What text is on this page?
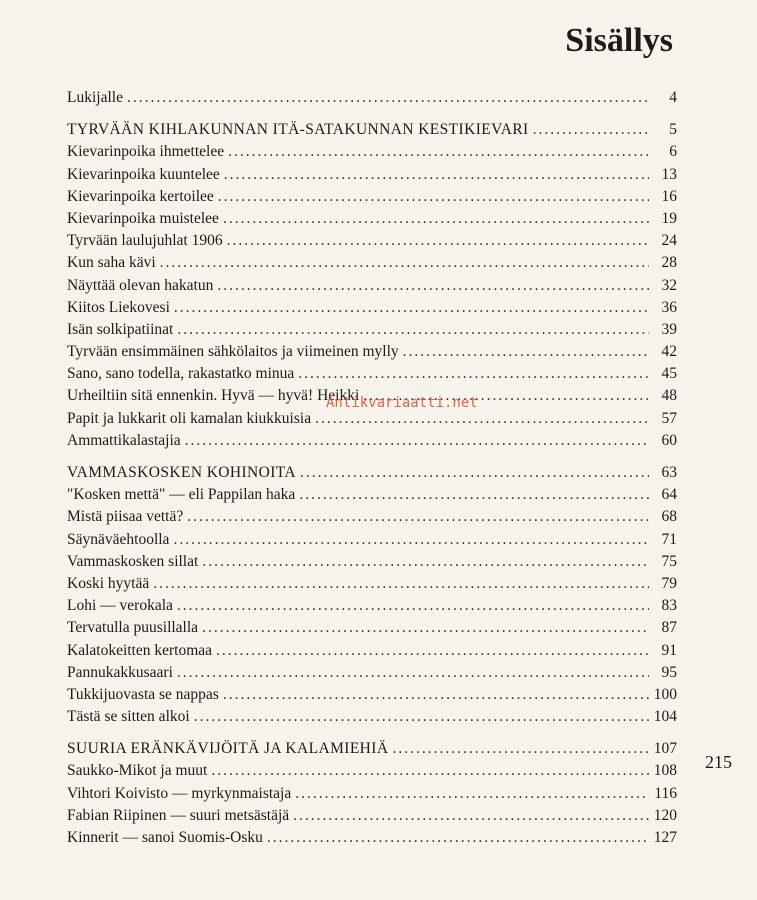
Sisällys
Lukijalle .....	4
TYRVÄÄN KIHLAKUNNAN ITÄ-SATAKUNNAN KESTIKIEVARI .....	5
Kievarinpoika ihmettelee .....	6
Kievarinpoika kuuntelee .....	13
Kievarinpoika kertoilee .....	16
Kievarinpoika muistelee .....	19
Tyrvään laulujuhlat 1906 .....	24
Kun saha kävi .....	28
Näyttää olevan hakatun .....	32
Kiitos Liekovesi .....	36
Isän solkipatiinat .....	39
Tyrvään ensimmäinen sähkölaitos ja viimeinen mylly .....	42
Sano, sano todella, rakastatko minua .....	45
Urheiltiin sitä ennenkin. Hyvä — hyvä! Heikki .....	48
Papit ja lukkarit oli kamalan kiukkuisia .....	57
Ammattikalastajia .....	60
VAMMASKOSKEN KOHINOITA .....	63
"Kosken mettä" — eli Pappilan haka .....	64
Mistä piisaa vettä? .....	68
Säynäväehtoolla .....	71
Vammaskosken sillat .....	75
Koski hyytää .....	79
Lohi — verokala .....	83
Tervatulla puusillalla .....	87
Kalatokeitten kertomaa .....	91
Pannukakkusaari .....	95
Tukkijuovasta se nappas .....	100
Tästä se sitten alkoi .....	104
SUURIA ERÄNKÄVIJÖITÄ JA KALAMIEHIÄ .....	107
Saukko-Mikot ja muut .....	108
Vihtori Koivisto — myrkynmaistaja .....	116
Fabian Riipinen — suuri metsästäjä .....	120
Kinnerit — sanoi Suomis-Osku .....	127
215
Antikvariaatti.net
